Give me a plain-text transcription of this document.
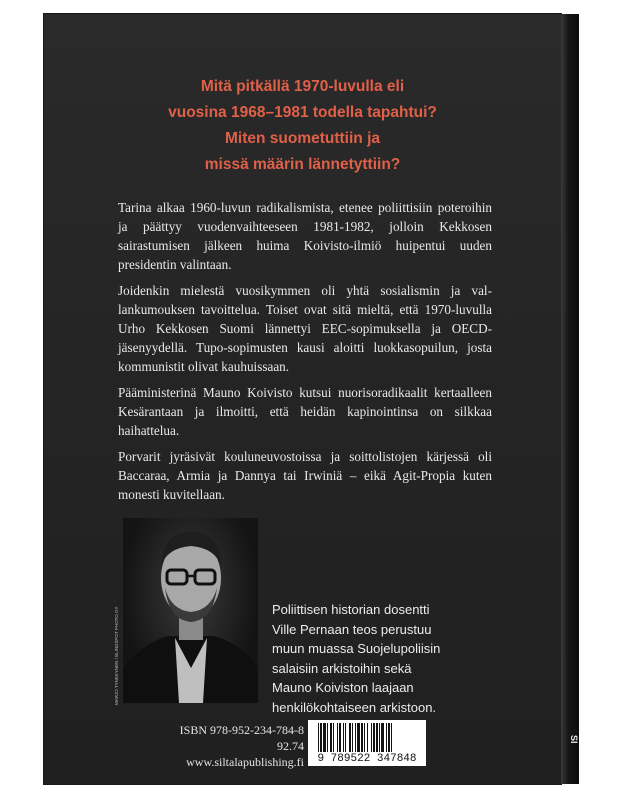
SI
Mitä pitkällä 1970-luvulla eli
vuosina 1968–1981 todella tapahtui?
Miten suometuttiin ja
missä määrin lännetyttiin?

Tarina alkaa 1960-luvun radikalismista, etenee poliittisiin poteroihin ja päättyy vuodenvaihteeseen 1981-1982, jolloin Kekkosen sairastumisen jälkeen huima Koivisto-ilmiö huipentui uuden presidentin valintaan.

Joidenkin mielestä vuosikymmen oli yhtä sosialismin ja vallankumouksen tavoittelua. Toiset ovat sitä mieltä, että 1970-luvulla Urho Kekkosen Suomi lännettyi EEC-sopimuksella ja OECD-jäsenyydellä. Tupo-sopimusten kausi aloitti luokkasopuilun, josta kommunistit olivat kauhuissaan.

Pääministerinä Mauno Koivisto kutsui nuorisoradikaalit kertaalleen Kesärantaan ja ilmoitti, että heidän kapinointinsa on silkkaa haihattelua.

Porvarit jyräsivät kouluneuvostoissa ja soittolistojen kärjessä oli Baccaraa, Armia ja Dannya tai Irwiniä – eikä Agit-Propia kuten monesti kuvitellaan.

MARJO TYNKKYNEN / BLINDSPOT PHOTO OY	Poliittisen historian dosentti
Ville Pernaan teos perustuu
muun muassa Suojelupoliisin
salaisiin arkistoihin sekä
Mauno Koiviston laajaan
henkilökohtaiseen arkistoon.
ISBN 978-952-234-784-8
92.74
www.siltalapublishing.fi	9 789522 347848
